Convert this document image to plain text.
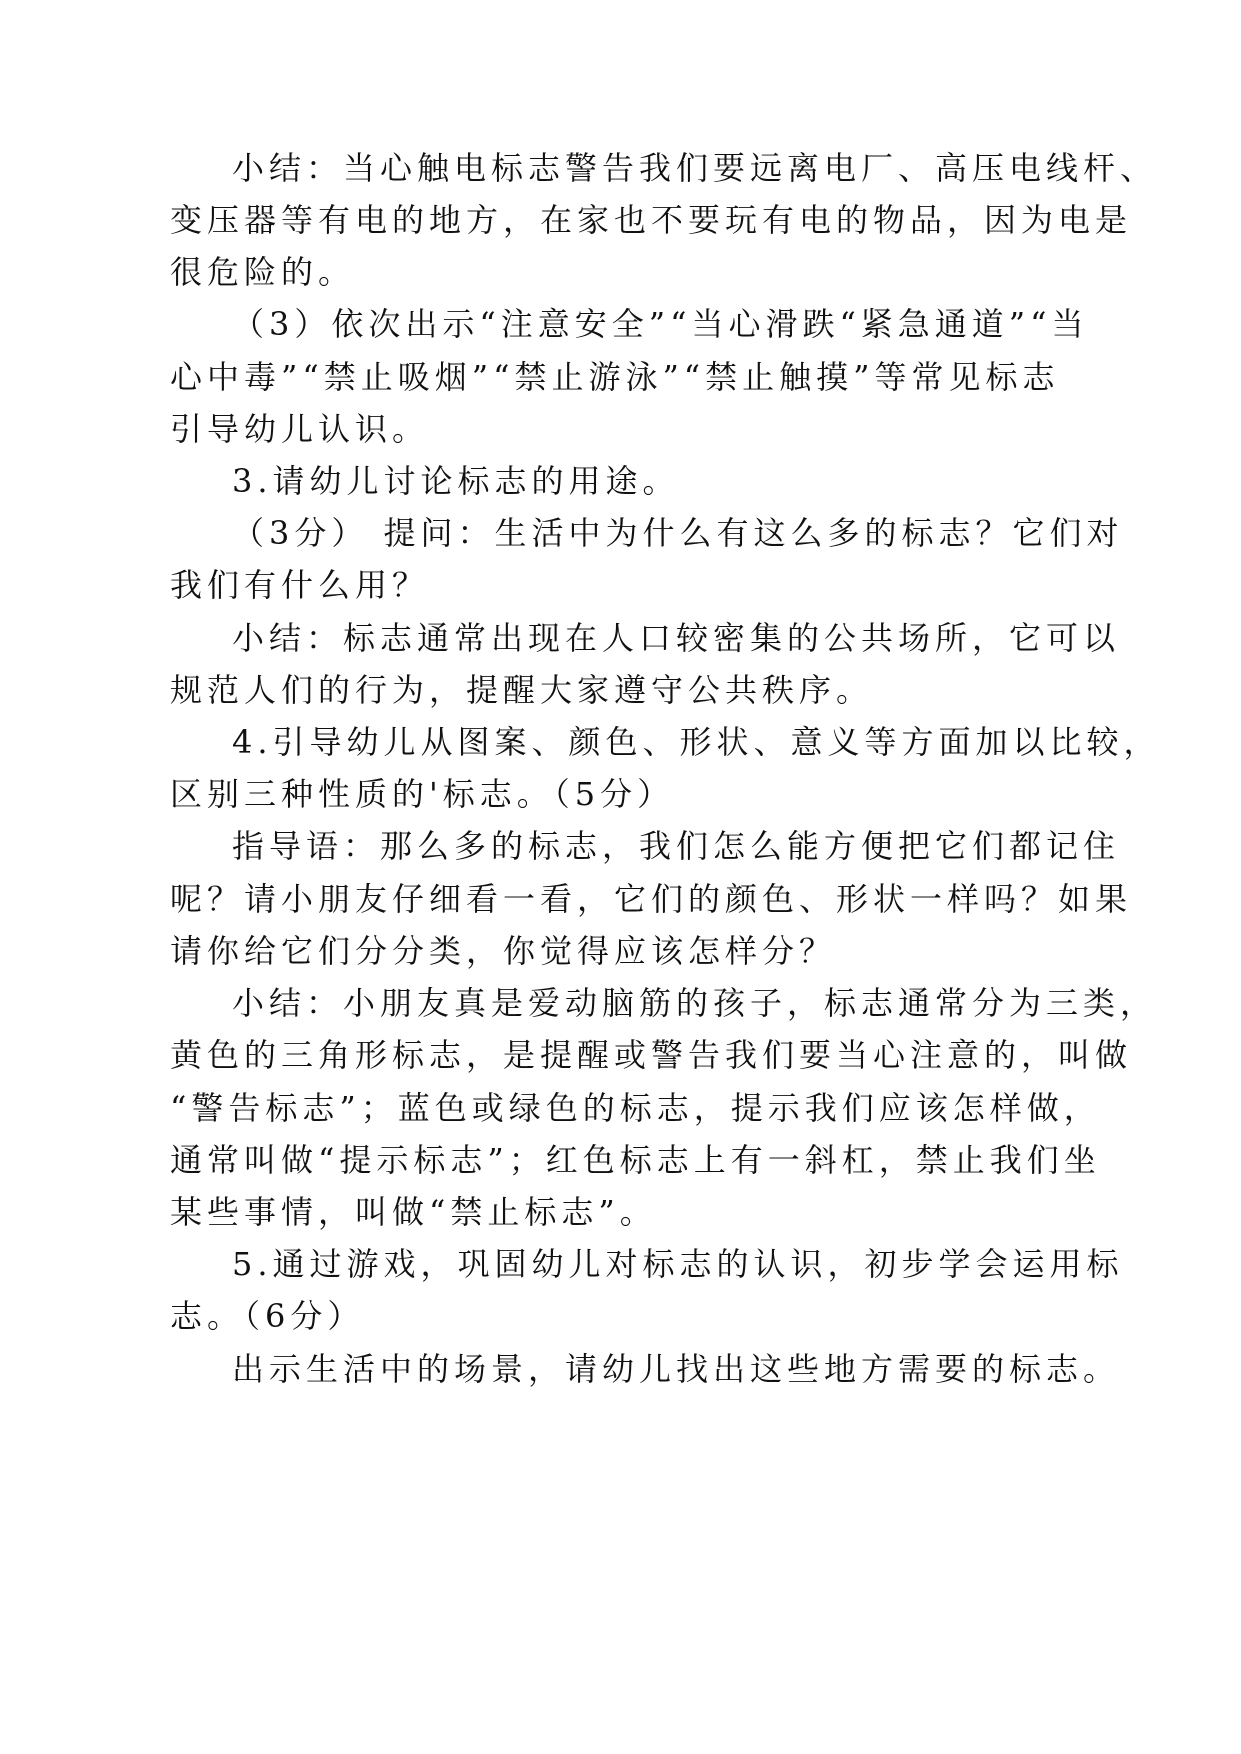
小结：当心触电标志警告我们要远离电厂、高压电线杆、
变压器等有电的地方，在家也不要玩有电的物品，因为电是
很危险的。
（3）依次出示“注意安全”“当心滑跌“紧急通道”“当
心中毒”“禁止吸烟”“禁止游泳”“禁止触摸”等常见标志
引导幼儿认识。
3.请幼儿讨论标志的用途。
（3分） 提问：生活中为什么有这么多的标志？它们对
我们有什么用？
小结：标志通常出现在人口较密集的公共场所，它可以
规范人们的行为，提醒大家遵守公共秩序。
4.引导幼儿从图案、颜色、形状、意义等方面加以比较，
区别三种性质的'标志。（5分）
指导语：那么多的标志，我们怎么能方便把它们都记住
呢？请小朋友仔细看一看，它们的颜色、形状一样吗？如果
请你给它们分分类，你觉得应该怎样分？
小结：小朋友真是爱动脑筋的孩子，标志通常分为三类，
黄色的三角形标志，是提醒或警告我们要当心注意的，叫做
“警告标志”；蓝色或绿色的标志，提示我们应该怎样做，
通常叫做“提示标志”；红色标志上有一斜杠，禁止我们坐
某些事情，叫做“禁止标志”。
5.通过游戏，巩固幼儿对标志的认识，初步学会运用标
志。（6分）
出示生活中的场景，请幼儿找出这些地方需要的标志。
